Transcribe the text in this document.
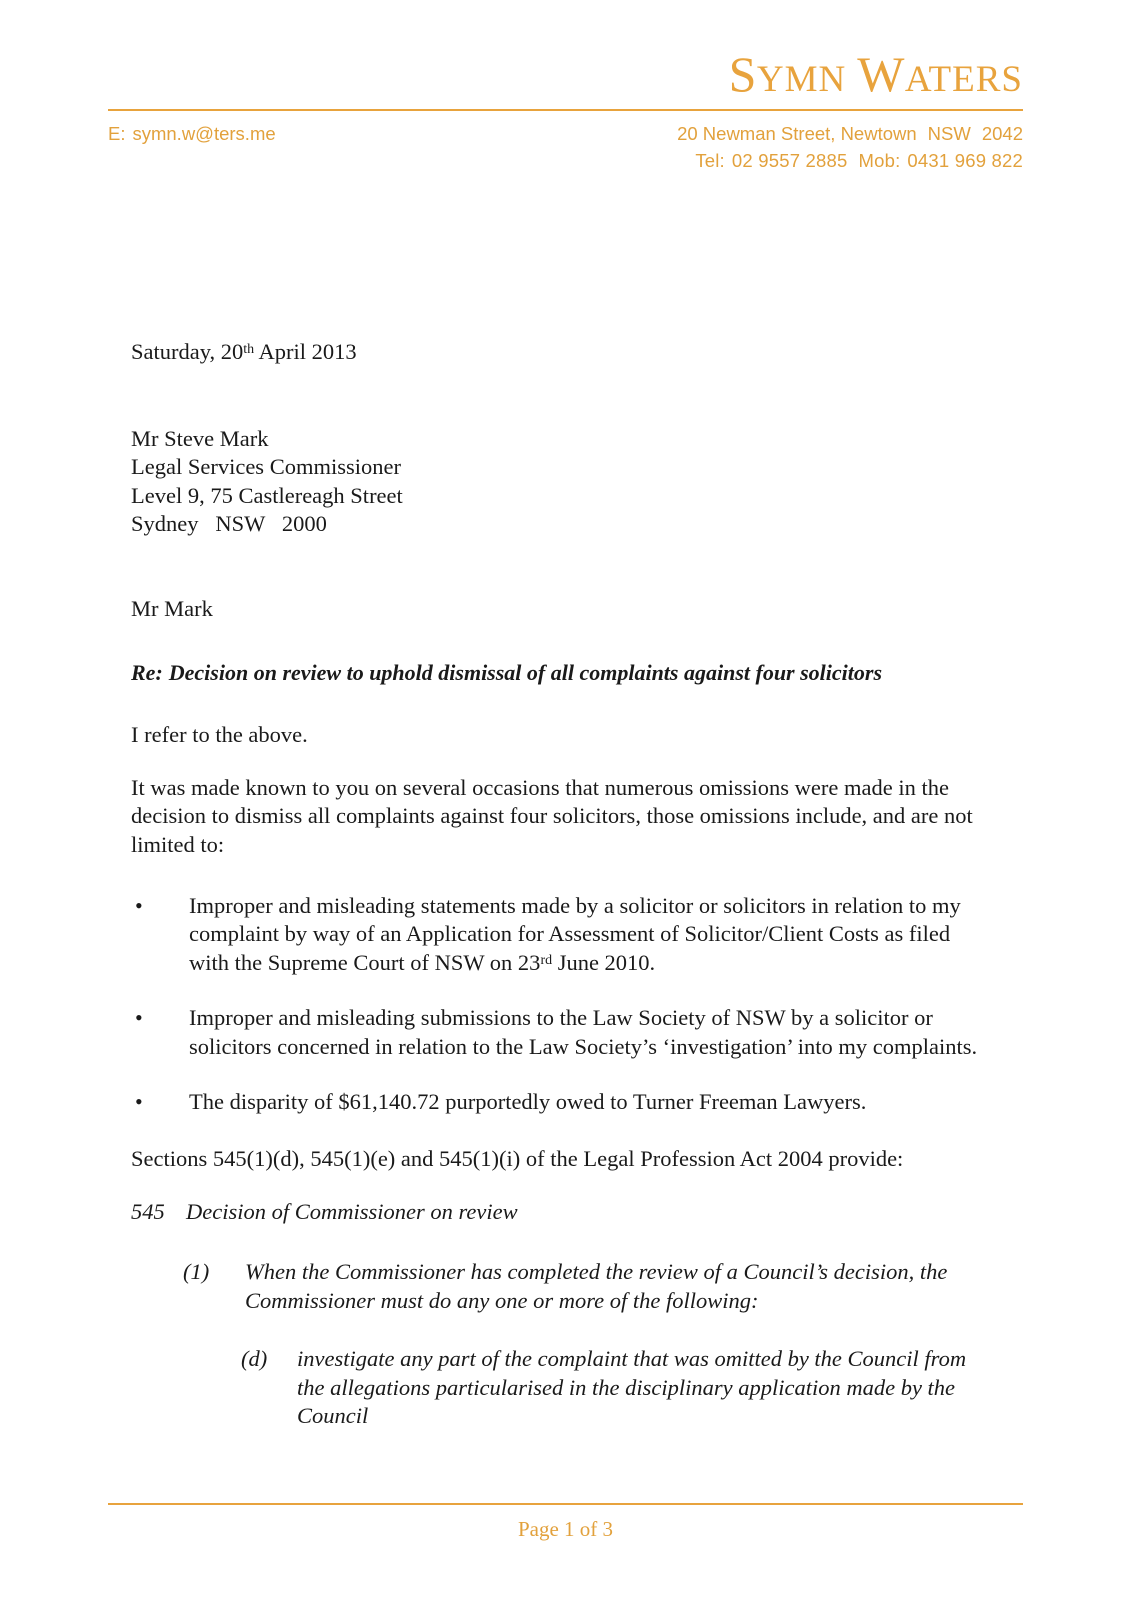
SYMN WATERS
E: symn.w@ters.me	20 Newman Street, Newtown NSW 2042
Tel: 02 9557 2885 Mob: 0431 969 822
Saturday, 20th April 2013
Mr Steve Mark
Legal Services Commissioner
Level 9, 75 Castlereagh Street
Sydney   NSW   2000
Mr Mark
Re: Decision on review to uphold dismissal of all complaints against four solicitors

I refer to the above.

It was made known to you on several occasions that numerous omissions were made in the decision to dismiss all complaints against four solicitors, those omissions include, and are not limited to:

•	Improper and misleading statements made by a solicitor or solicitors in relation to my complaint by way of an Application for Assessment of Solicitor/Client Costs as filed with the Supreme Court of NSW on 23rd June 2010.
•	Improper and misleading submissions to the Law Society of NSW by a solicitor or solicitors concerned in relation to the Law Society’s ‘investigation’ into my complaints.
•	The disparity of $61,140.72 purportedly owed to Turner Freeman Lawyers.

Sections 545(1)(d), 545(1)(e) and 545(1)(i) of the Legal Profession Act 2004 provide:

545 Decision of Commissioner on review
(1)	When the Commissioner has completed the review of a Council’s decision, the Commissioner must do any one or more of the following:
(d)	investigate any part of the complaint that was omitted by the Council from the allegations particularised in the disciplinary application made by the Council
Page 1 of 3
